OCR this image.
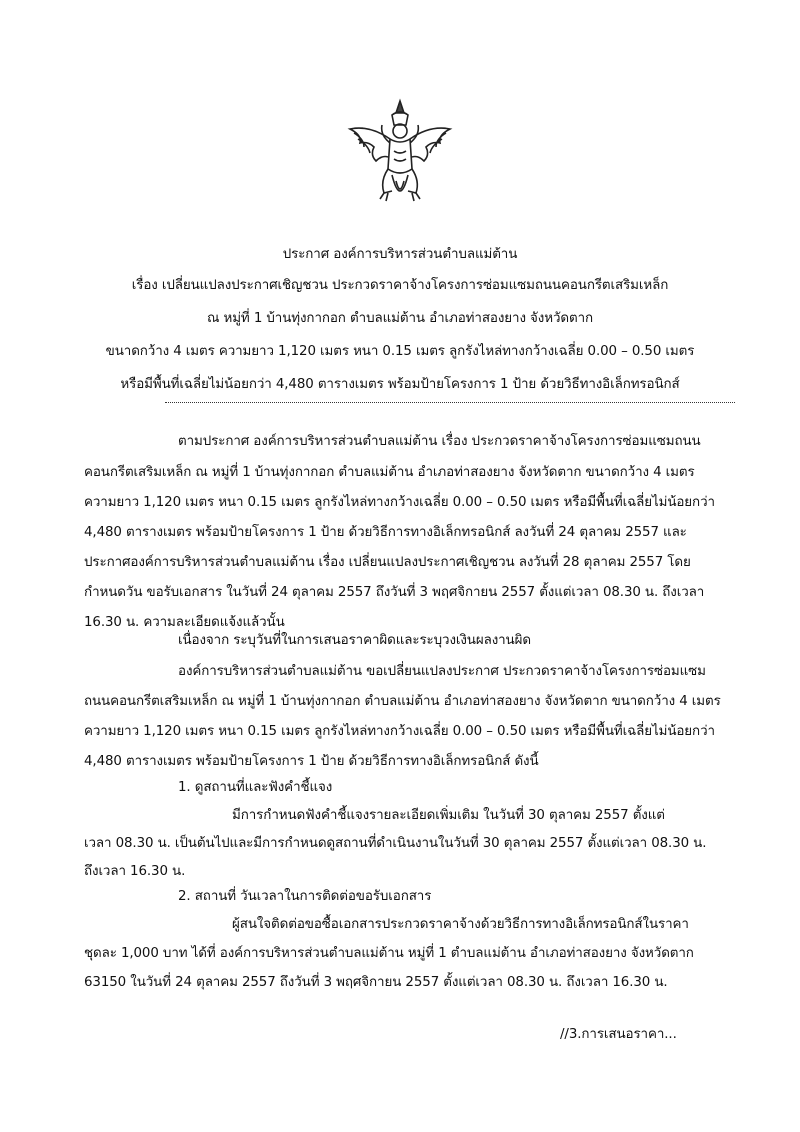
ประกาศ องค์การบริหารส่วนตำบลแม่ต้าน
เรื่อง เปลี่ยนแปลงประกาศเชิญชวน ประกวดราคาจ้างโครงการซ่อมแซมถนนคอนกรีตเสริมเหล็ก
ณ หมู่ที่ 1 บ้านทุ่งกากอก ตำบลแม่ต้าน อำเภอท่าสองยาง จังหวัดตาก
ขนาดกว้าง 4 เมตร ความยาว 1,120 เมตร หนา 0.15 เมตร ลูกรังไหล่ทางกว้างเฉลี่ย 0.00 – 0.50 เมตร
หรือมีพื้นที่เฉลี่ยไม่น้อยกว่า 4,480 ตารางเมตร พร้อมป้ายโครงการ 1 ป้าย ด้วยวิธีทางอิเล็กทรอนิกส์
ตามประกาศ องค์การบริหารส่วนตำบลแม่ต้าน เรื่อง ประกวดราคาจ้างโครงการซ่อมแซมถนน
คอนกรีตเสริมเหล็ก ณ หมู่ที่ 1 บ้านทุ่งกากอก ตำบลแม่ต้าน อำเภอท่าสองยาง จังหวัดตาก ขนาดกว้าง 4 เมตร
ความยาว 1,120 เมตร หนา 0.15 เมตร ลูกรังไหล่ทางกว้างเฉลี่ย 0.00 – 0.50 เมตร หรือมีพื้นที่เฉลี่ยไม่น้อยกว่า
4,480 ตารางเมตร พร้อมป้ายโครงการ 1 ป้าย ด้วยวิธีการทางอิเล็กทรอนิกส์ ลงวันที่ 24 ตุลาคม 2557 และ
ประกาศองค์การบริหารส่วนตำบลแม่ต้าน เรื่อง เปลี่ยนแปลงประกาศเชิญชวน ลงวันที่ 28 ตุลาคม 2557 โดย
กำหนดวัน ขอรับเอกสาร ในวันที่ 24 ตุลาคม 2557 ถึงวันที่ 3 พฤศจิกายน 2557 ตั้งแต่เวลา 08.30 น. ถึงเวลา
16.30 น. ความละเอียดแจ้งแล้วนั้น
เนื่องจาก ระบุวันที่ในการเสนอราคาผิดและระบุวงเงินผลงานผิด
องค์การบริหารส่วนตำบลแม่ต้าน ขอเปลี่ยนแปลงประกาศ ประกวดราคาจ้างโครงการซ่อมแซม
ถนนคอนกรีตเสริมเหล็ก ณ หมู่ที่ 1 บ้านทุ่งกากอก ตำบลแม่ต้าน อำเภอท่าสองยาง จังหวัดตาก ขนาดกว้าง 4 เมตร
ความยาว 1,120 เมตร หนา 0.15 เมตร ลูกรังไหล่ทางกว้างเฉลี่ย 0.00 – 0.50 เมตร หรือมีพื้นที่เฉลี่ยไม่น้อยกว่า
4,480 ตารางเมตร พร้อมป้ายโครงการ 1 ป้าย ด้วยวิธีการทางอิเล็กทรอนิกส์ ดังนี้
1. ดูสถานที่และฟังคำชี้แจง
มีการกำหนดฟังคำชี้แจงรายละเอียดเพิ่มเติม ในวันที่ 30 ตุลาคม 2557 ตั้งแต่
เวลา 08.30 น. เป็นต้นไปและมีการกำหนดดูสถานที่ดำเนินงานในวันที่ 30 ตุลาคม 2557 ตั้งแต่เวลา 08.30 น.
ถึงเวลา 16.30 น.
2. สถานที่ วันเวลาในการติดต่อขอรับเอกสาร
ผู้สนใจติดต่อขอซื้อเอกสารประกวดราคาจ้างด้วยวิธีการทางอิเล็กทรอนิกส์ในราคา
ชุดละ 1,000 บาท ได้ที่ องค์การบริหารส่วนตำบลแม่ต้าน หมู่ที่ 1 ตำบลแม่ต้าน อำเภอท่าสองยาง จังหวัดตาก
63150 ในวันที่ 24 ตุลาคม 2557 ถึงวันที่ 3 พฤศจิกายน 2557 ตั้งแต่เวลา 08.30 น. ถึงเวลา 16.30 น.
//3.การเสนอราคา...
